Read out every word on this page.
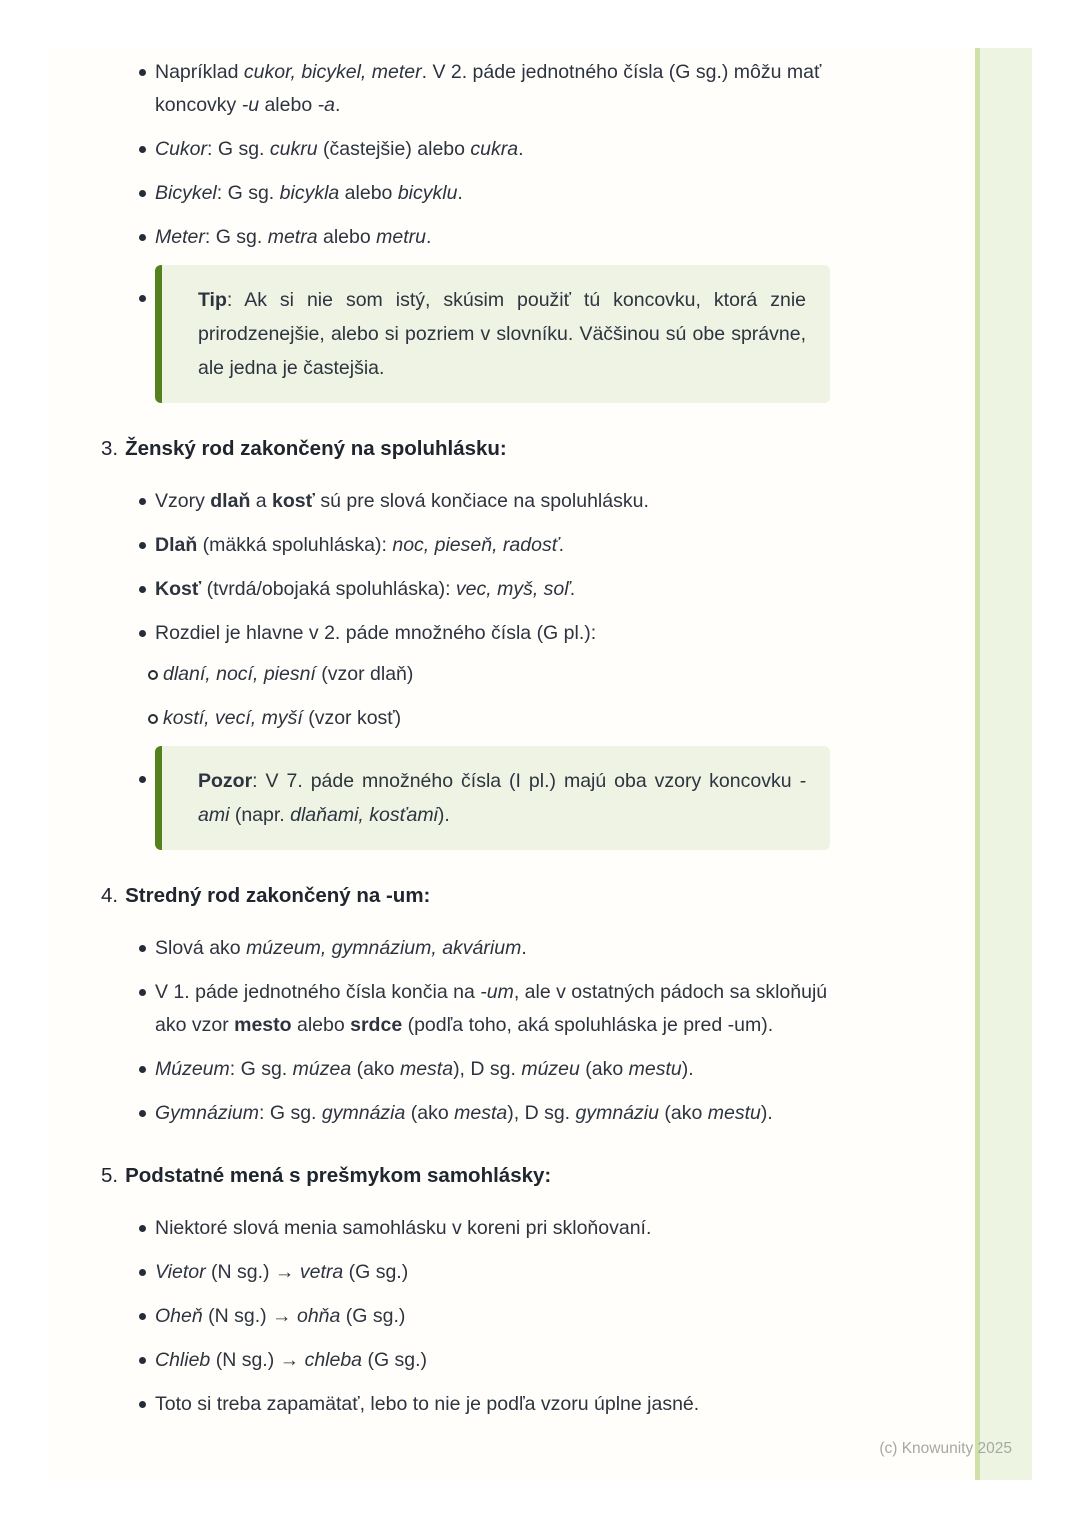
Napríklad cukor, bicykel, meter. V 2. páde jednotného čísla (G sg.) môžu mať koncovky -u alebo -a.
Cukor: G sg. cukru (častejšie) alebo cukra.
Bicykel: G sg. bicykla alebo bicyklu.
Meter: G sg. metra alebo metru.
Tip: Ak si nie som istý, skúsim použiť tú koncovku, ktorá znie prirodzenejšie, alebo si pozriem v slovníku. Väčšinou sú obe správne, ale jedna je častejšia.
3. Ženský rod zakončený na spoluhlásku:
Vzory dlaň a kosť sú pre slová končiace na spoluhlásku.
Dlaň (mäkká spoluhláska): noc, pieseň, radosť.
Kosť (tvrdá/obojaká spoluhláska): vec, myš, soľ.
Rozdiel je hlavne v 2. páde množného čísla (G pl.):
dlaní, nocí, piesní (vzor dlaň)
kostí, vecí, myší (vzor kosť)
Pozor: V 7. páde množného čísla (I pl.) majú oba vzory koncovku -ami (napr. dlaňami, kosťami).
4. Stredný rod zakončený na -um:
Slová ako múzeum, gymnázium, akvárium.
V 1. páde jednotného čísla končia na -um, ale v ostatných pádoch sa skloňujú ako vzor mesto alebo srdce (podľa toho, aká spoluhláska je pred -um).
Múzeum: G sg. múzea (ako mesta), D sg. múzeu (ako mestu).
Gymnázium: G sg. gymnázia (ako mesta), D sg. gymnáziu (ako mestu).
5. Podstatné mená s prešmykom samohlásky:
Niektoré slová menia samohlásku v koreni pri skloňovaní.
Vietor (N sg.) → vetra (G sg.)
Oheň (N sg.) → ohňa (G sg.)
Chlieb (N sg.) → chleba (G sg.)
Toto si treba zapamätať, lebo to nie je podľa vzoru úplne jasné.
(c) Knowunity 2025
